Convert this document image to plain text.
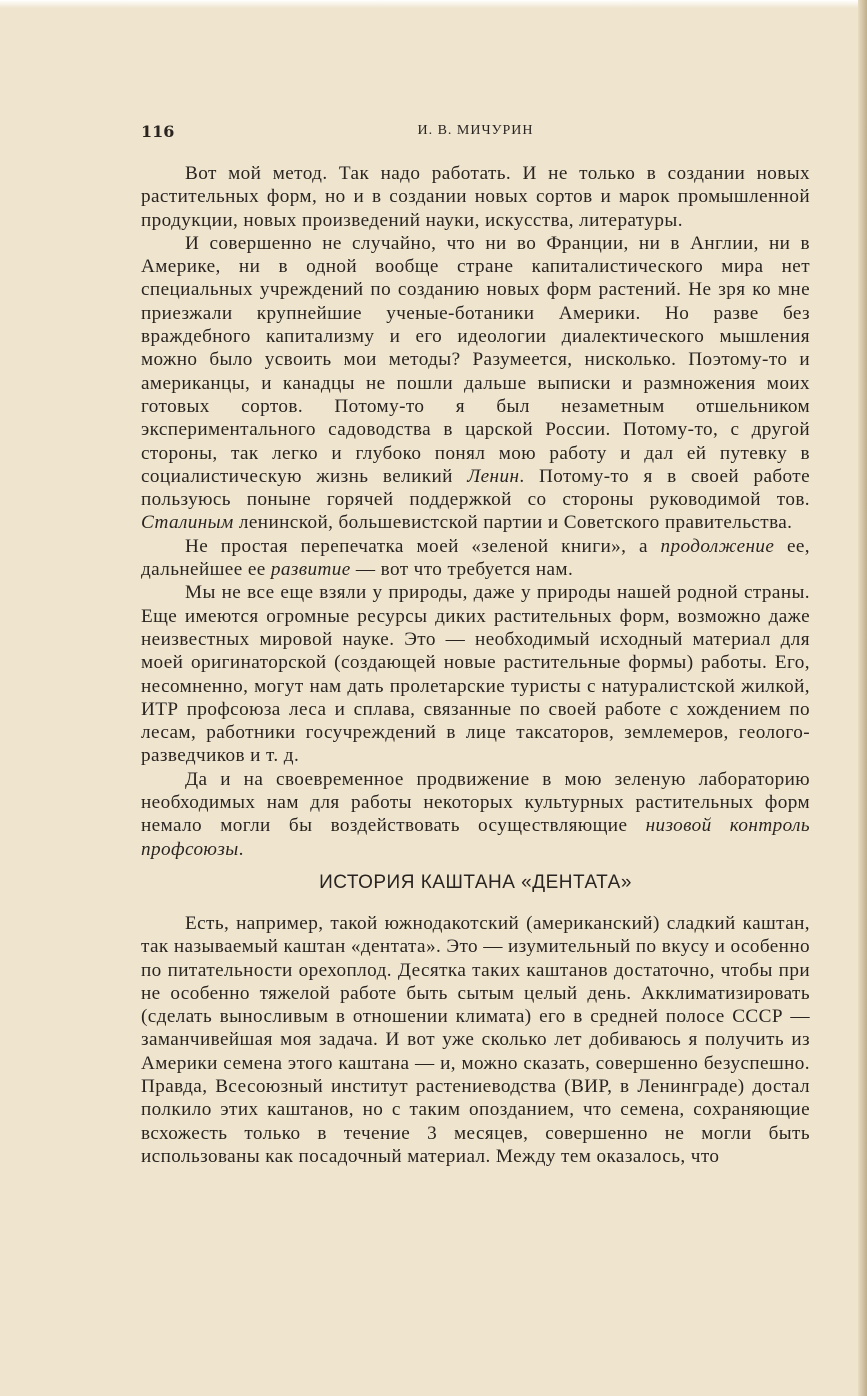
116	И. В. МИЧУРИН

Вот мой метод. Так надо работать. И не только в создании новых растительных форм, но и в создании новых сортов и марок промышленной продукции, новых произведений науки, искусства, литературы.

И совершенно не случайно, что ни во Франции, ни в Англии, ни в Америке, ни в одной вообще стране капиталистического мира нет специальных учреждений по созданию новых форм растений. Не зря ко мне приезжали крупнейшие ученые-ботаники Америки. Но разве без враждебного капитализму и его идеологии диалектического мышления можно было усвоить мои методы? Разумеется, нисколько. Поэтому-то и американцы, и канадцы не пошли дальше выписки и размножения моих готовых сортов. Потому-то я был незаметным отшельником экспериментального садоводства в царской России. Потому-то, с другой стороны, так легко и глубоко понял мою работу и дал ей путевку в социалистическую жизнь великий Ленин. Потому-то я в своей работе пользуюсь поныне горячей поддержкой со стороны руководимой тов. Сталиным ленинской, большевистской партии и Советского правительства.

Не простая перепечатка моей «зеленой книги», а продолжение ее, дальнейшее ее развитие — вот что требуется нам.

Мы не все еще взяли у природы, даже у природы нашей родной страны. Еще имеются огромные ресурсы диких растительных форм, возможно даже неизвестных мировой науке. Это — необходимый исходный материал для моей оригинаторской (создающей новые растительные формы) работы. Его, несомненно, могут нам дать пролетарские туристы с натуралистской жилкой, ИТР профсоюза леса и сплава, связанные по своей работе с хождением по лесам, работники госучреждений в лице таксаторов, землемеров, геолого-разведчиков и т. д.

Да и на своевременное продвижение в мою зеленую лабораторию необходимых нам для работы некоторых культурных растительных форм немало могли бы воздействовать осуществляющие низовой контроль профсоюзы.

ИСТОРИЯ КАШТАНА «ДЕНТАТА»

Есть, например, такой южнодакотский (американский) сладкий каштан, так называемый каштан «дентата». Это — изумительный по вкусу и особенно по питательности орехоплод. Десятка таких каштанов достаточно, чтобы при не особенно тяжелой работе быть сытым целый день. Акклиматизировать (сделать выносливым в отношении климата) его в средней полосе СССР — заманчивейшая моя задача. И вот уже сколько лет добиваюсь я получить из Америки семена этого каштана — и, можно сказать, совершенно безуспешно. Правда, Всесоюзный институт растениеводства (ВИР, в Ленинграде) достал полкило этих каштанов, но с таким опозданием, что семена, сохраняющие всхожесть только в течение 3 месяцев, совершенно не могли быть использованы как посадочный материал. Между тем оказалось, что
